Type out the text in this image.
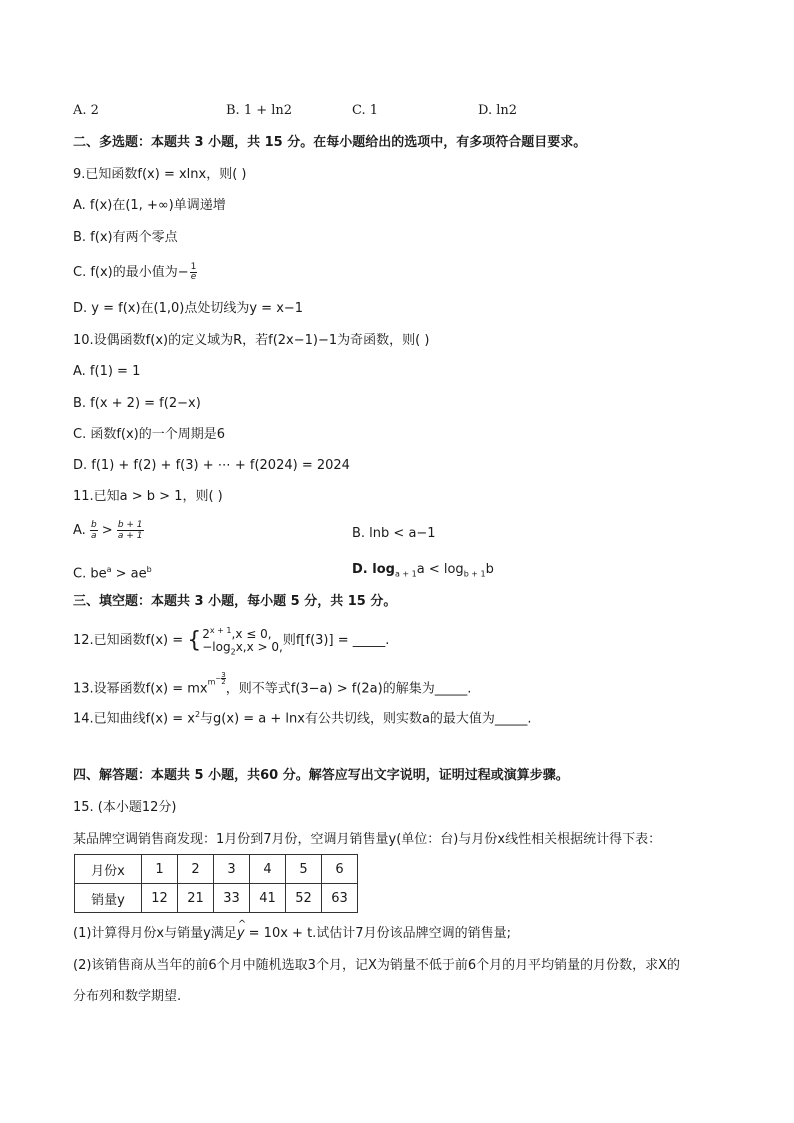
A. 2	B. 1 + ln2	C. 1	D. ln2
二、多选题：本题共 3 小题，共 15 分。在每小题给出的选项中，有多项符合题目要求。
9.已知函数f(x) = xlnx，则( )
A. f(x)在(1, +∞)单调递增
B. f(x)有两个零点
C. f(x)的最小值为− $\frac{1}{e}$
D. y = f(x)在(1,0)点处切线为y = x−1
10.设偶函数f(x)的定义域为R，若f(2x−1)−1为奇函数，则( )
A. f(1) = 1
B. f(x + 2) = f(2−x)
C. 函数f(x)的一个周期是6
D. f(1) + f(2) + f(3) + ⋯ + f(2024) = 2024
11.已知a > b > 1，则( )
A. $\frac{b}{a} > \frac{b + 1}{a + 1}$	B. lnb < a−1
C. $be^a > ae^b$	D. $\log_{a + 1}a < \log_{b + 1}b$
三、填空题：本题共 3 小题，每小题 5 分，共 15 分。
12.已知函数f(x) = { $2^{x + 1},x \le 0$,
$-\log_2x,x > 0$, 则f[f(3)] = _____.
13.设幂函数$f(x) = mxm- \frac{3}{2}$
，则不等式f(3−a) > f(2a)的解集为_____.
14.已知曲线$f(x) = x^2$与g(x) = a + lnx有公共切线，则实数a的最大值为_____.
四、解答题：本题共 5 小题，共60 分。解答应写出文字说明，证明过程或演算步骤。
15. (本小题12分)
某品牌空调销售商发现：1月份到7月份，空调月销售量y(单位：台)与月份x线性相关根据统计得下表：
月份x	1	2	3	4	5	6
销量y	12	21	33	41	52	63
(1)计算得月份x与销量y满足
^
y = 10x + t.试估计7月份该品牌空调的销售量;
(2)该销售商从当年的前6个月中随机选取3个月，记X为销量不低于前6个月的月平均销量的月份数，求X的
分布列和数学期望.
